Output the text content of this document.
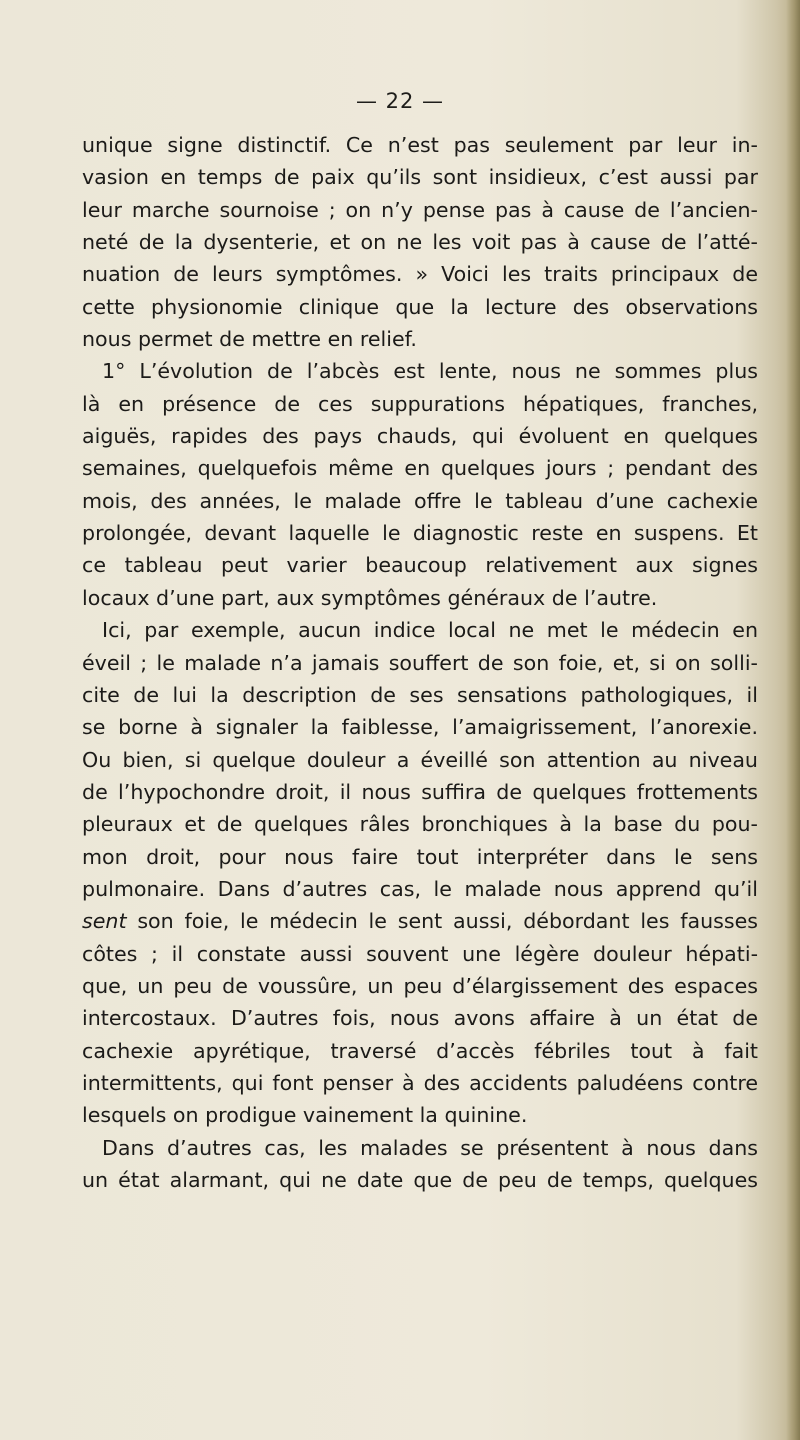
— 22 —
unique signe distinctif. Ce n’est pas seulement par leur in-
vasion en temps de paix qu’ils sont insidieux, c’est aussi par
leur marche sournoise ; on n’y pense pas à cause de l’ancien-
neté de la dysenterie, et on ne les voit pas à cause de l’atté-
nuation de leurs symptômes. » Voici les traits principaux de
cette physionomie clinique que la lecture des observations
nous permet de mettre en relief.
1° L’évolution de l’abcès est lente, nous ne sommes plus
là en présence de ces suppurations hépatiques, franches,
aiguës, rapides des pays chauds, qui évoluent en quelques
semaines, quelquefois même en quelques jours ; pendant des
mois, des années, le malade offre le tableau d’une cachexie
prolongée, devant laquelle le diagnostic reste en suspens. Et
ce tableau peut varier beaucoup relativement aux signes
locaux d’une part, aux symptômes généraux de l’autre.
Ici, par exemple, aucun indice local ne met le médecin en
éveil ; le malade n’a jamais souffert de son foie, et, si on solli-
cite de lui la description de ses sensations pathologiques, il
se borne à signaler la faiblesse, l’amaigrissement, l’anorexie.
Ou bien, si quelque douleur a éveillé son attention au niveau
de l’hypochondre droit, il nous suffira de quelques frottements
pleuraux et de quelques râles bronchiques à la base du pou-
mon droit, pour nous faire tout interpréter dans le sens
pulmonaire. Dans d’autres cas, le malade nous apprend qu’il
sent son foie, le médecin le sent aussi, débordant les fausses
côtes ; il constate aussi souvent une légère douleur hépati-
que, un peu de voussûre, un peu d’élargissement des espaces
intercostaux. D’autres fois, nous avons affaire à un état de
cachexie apyrétique, traversé d’accès fébriles tout à fait
intermittents, qui font penser à des accidents paludéens contre
lesquels on prodigue vainement la quinine.
Dans d’autres cas, les malades se présentent à nous dans
un état alarmant, qui ne date que de peu de temps, quelques
